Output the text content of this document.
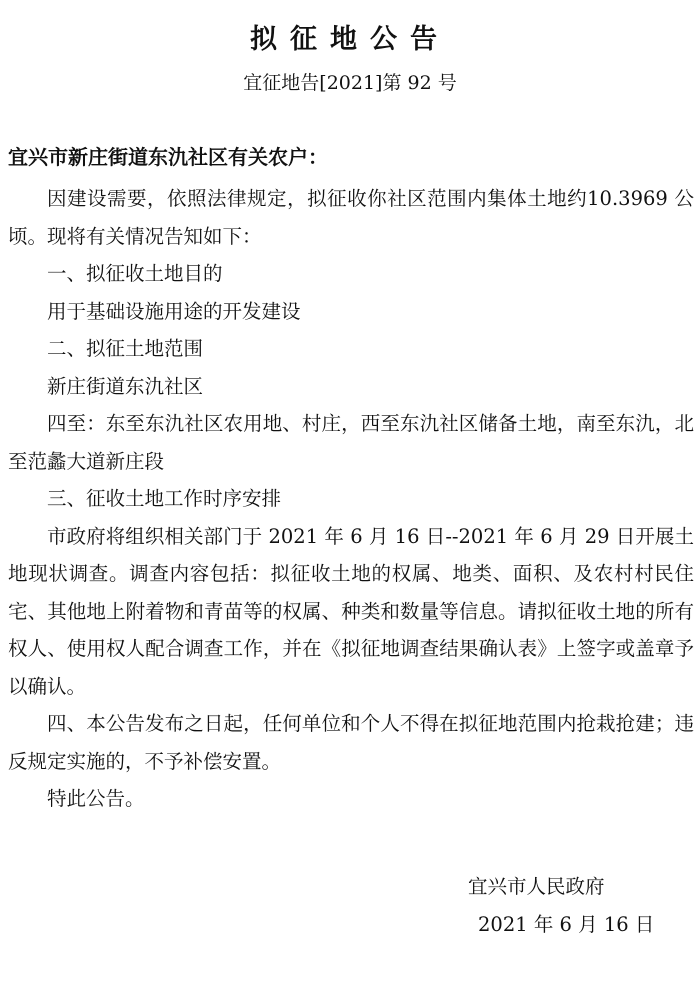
拟征地公告
宜征地告[2021]第 92 号
宜兴市新庄街道东氿社区有关农户：

因建设需要，依照法律规定，拟征收你社区范围内集体土地约10.3969 公顷。现将有关情况告知如下：

一、拟征收土地目的

用于基础设施用途的开发建设

二、拟征土地范围

新庄街道东氿社区

四至：东至东氿社区农用地、村庄，西至东氿社区储备土地，南至东氿，北至范蠡大道新庄段

三、征收土地工作时序安排

市政府将组织相关部门于 2021 年 6 月 16 日--2021 年 6 月 29 日开展土地现状调查。调查内容包括：拟征收土地的权属、地类、面积、及农村村民住宅、其他地上附着物和青苗等的权属、种类和数量等信息。请拟征收土地的所有权人、使用权人配合调查工作，并在《拟征地调查结果确认表》上签字或盖章予以确认。

四、本公告发布之日起，任何单位和个人不得在拟征地范围内抢栽抢建；违反规定实施的，不予补偿安置。

特此公告。

宜兴市人民政府
2021 年 6 月 16 日
